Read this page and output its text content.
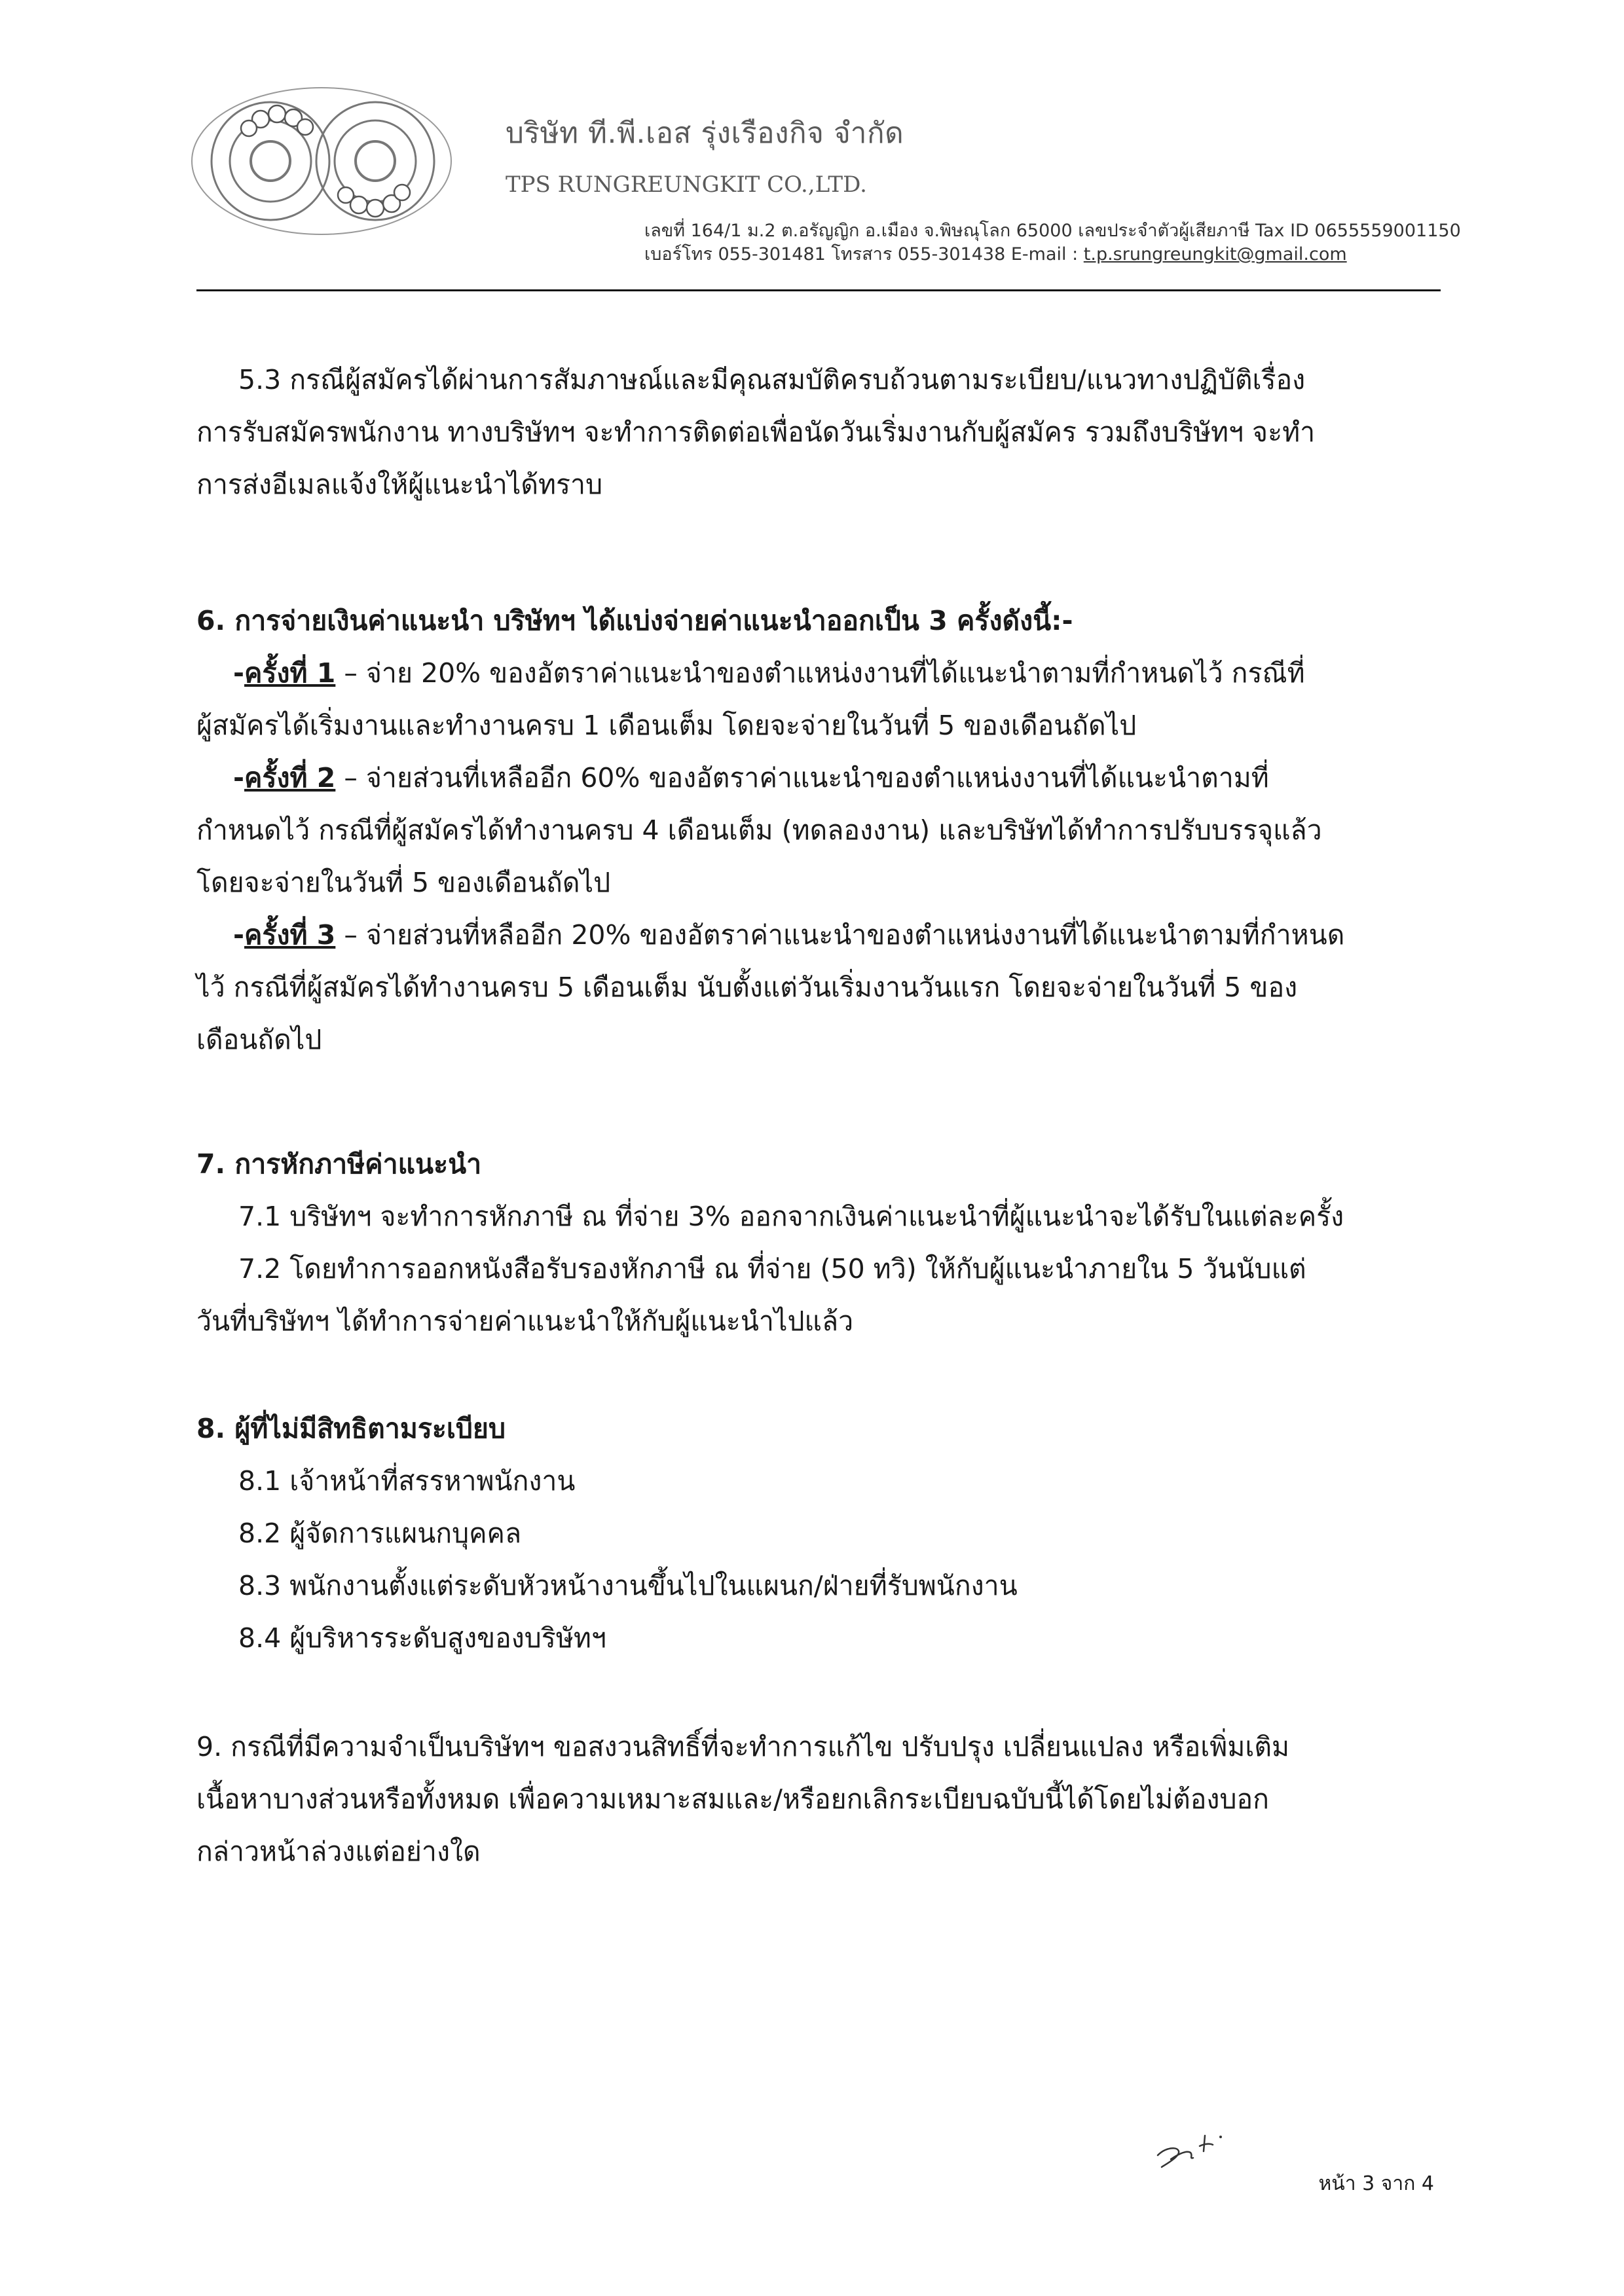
บริษัท ที.พี.เอส รุ่งเรืองกิจ จำกัด
TPS RUNGREUNGKIT CO.,LTD.
เลขที่ 164/1 ม.2 ต.อรัญญิก อ.เมือง จ.พิษณุโลก 65000 เลขประจำตัวผู้เสียภาษี Tax ID 0655559001150
เบอร์โทร 055-301481 โทรสาร 055-301438 E-mail : t.p.srungreungkit@gmail.com
5.3 กรณีผู้สมัครได้ผ่านการสัมภาษณ์และมีคุณสมบัติครบถ้วนตามระเบียบ/แนวทางปฏิบัติเรื่อง
การรับสมัครพนักงาน ทางบริษัทฯ จะทำการติดต่อเพื่อนัดวันเริ่มงานกับผู้สมัคร รวมถึงบริษัทฯ จะทำ
การส่งอีเมลแจ้งให้ผู้แนะนำได้ทราบ
6. การจ่ายเงินค่าแนะนำ บริษัทฯ ได้แบ่งจ่ายค่าแนะนำออกเป็น 3 ครั้งดังนี้:-
-ครั้งที่ 1 – จ่าย 20% ของอัตราค่าแนะนำของตำแหน่งงานที่ได้แนะนำตามที่กำหนดไว้ กรณีที่
ผู้สมัครได้เริ่มงานและทำงานครบ 1 เดือนเต็ม โดยจะจ่ายในวันที่ 5 ของเดือนถัดไป
-ครั้งที่ 2 – จ่ายส่วนที่เหลืออีก 60% ของอัตราค่าแนะนำของตำแหน่งงานที่ได้แนะนำตามที่
กำหนดไว้ กรณีที่ผู้สมัครได้ทำงานครบ 4 เดือนเต็ม (ทดลองงาน) และบริษัทได้ทำการปรับบรรจุแล้ว
โดยจะจ่ายในวันที่ 5 ของเดือนถัดไป
-ครั้งที่ 3 – จ่ายส่วนที่หลืออีก 20% ของอัตราค่าแนะนำของตำแหน่งงานที่ได้แนะนำตามที่กำหนด
ไว้ กรณีที่ผู้สมัครได้ทำงานครบ 5 เดือนเต็ม นับตั้งแต่วันเริ่มงานวันแรก โดยจะจ่ายในวันที่ 5 ของ
เดือนถัดไป
7. การหักภาษีค่าแนะนำ
7.1 บริษัทฯ จะทำการหักภาษี ณ ที่จ่าย 3% ออกจากเงินค่าแนะนำที่ผู้แนะนำจะได้รับในแต่ละครั้ง
7.2 โดยทำการออกหนังสือรับรองหักภาษี ณ ที่จ่าย (50 ทวิ) ให้กับผู้แนะนำภายใน 5 วันนับแต่
วันที่บริษัทฯ ได้ทำการจ่ายค่าแนะนำให้กับผู้แนะนำไปแล้ว
8. ผู้ที่ไม่มีสิทธิตามระเบียบ
8.1 เจ้าหน้าที่สรรหาพนักงาน
8.2 ผู้จัดการแผนกบุคคล
8.3 พนักงานตั้งแต่ระดับหัวหน้างานขึ้นไปในแผนก/ฝ่ายที่รับพนักงาน
8.4 ผู้บริหารระดับสูงของบริษัทฯ
9. กรณีที่มีความจำเป็นบริษัทฯ ขอสงวนสิทธิ์ที่จะทำการแก้ไข ปรับปรุง เปลี่ยนแปลง หรือเพิ่มเติม
เนื้อหาบางส่วนหรือทั้งหมด เพื่อความเหมาะสมและ/หรือยกเลิกระเบียบฉบับนี้ได้โดยไม่ต้องบอก
กล่าวหน้าล่วงแต่อย่างใด
หน้า 3 จาก 4
